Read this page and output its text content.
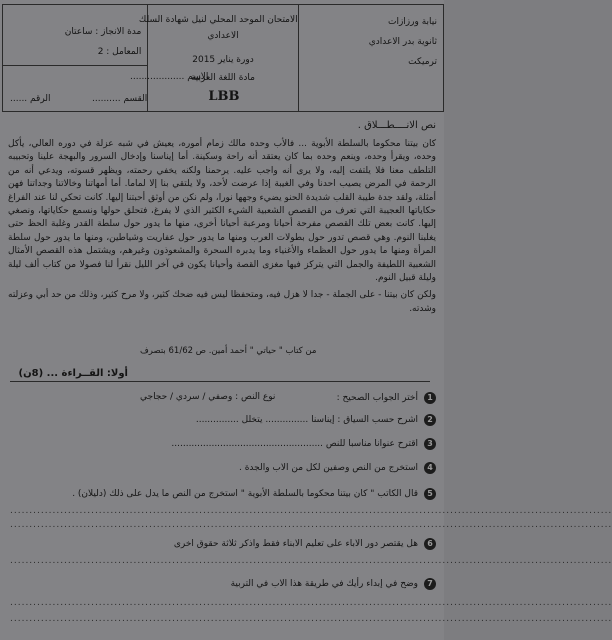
نيابة ورزازات
ثانوية بدر الاعدادي
ترميكت
الامتحان الموحد المحلي لنيل شهادة السلك
الاعدادي
دورة يناير 2015
مادة اللغة العربية
LBB
مدة الانجاز : ساعتان
المعامل : 2
الاسم ...................
القسم ..........
الرقم ......
نص الانــــطـــلاق .

كان بيتنا محكوما بالسلطة الأبوية ... فالأب وحده مالك زمام أموره، يعيش في شبه عزلة في دوره العالي، يأكل وحده، ويقرأ وحده، وينعم وحده بما كان يعتقد أنه راحة وسكينة. أما إيناسنا وإدخال السرور والبهجة علينا وتحبيبه التلطف معنا فلا يلتفت إليه، ولا يرى أنه واجب عليه. يرحمنا ولكنه يخفي رحمته، ويظهر قسوته، ويدعي أنه من الرحمة في المرض يصيب احدنا وفي الغيبة إذا عرضت لأحد، ولا يلتقي بنا إلا لماما. أما أمهاتنا وخالاتنا وجداتنا فهن أمثلة، ولقد جدة طيبة القلب شديدة الحنو يضيء وجهها نورا، ولم نكن من أوثق أحبتنا إليها. كانت تحكي لنا عند الفراغ حكاياتها العجيبة التي تعرف من القصص الشعبية الشيء الكثير الذي لا يفرغ، فتحلق حولها ونسمع حكاياتها، ونصغي إليها. كانت بعض تلك القصص مفرحة أحيانا ومرعبة أحيانا أخرى، منها ما يدور حول سلطة القدر وغلبة الحظ حتى يغلبنا النوم. وهي قصص تدور حول بطولات العرب ومنها ما يدور حول عفاريت وشياطين، ومنها ما يدور حول سلطة المرأة ومنها ما يدور حول العظماء والأغنياء وما يدبره السحرة والمشعوذون وغيرهم، ويشتمل هذه القصص الأمثال الشعبية اللطيفة والجمل التي يتركز فيها مغزى القصة وأحيانا يكون في آخر الليل نقرأ لنا فصولا من كتاب ألف ليلة وليلة قبيل النوم.

ولكن كان بيتنا - على الجملة - جدا لا هزل فيه، ومتحفظا ليس فيه ضحك كثير، ولا مرح كثير، وذلك من حد أبي وعزلته وشدته.

من كتاب " حياتي " أحمد أمين. ص 61/62 بتصرف
أولا: القــراءة ... (8ن)
1أختر الجواب الصحيح :
نوع النص : وصفي / سردي / حجاجي
2اشرح حسب السياق : إيناسنا ............... يتخلل ...............
3اقترح عنوانا مناسبا للنص .....................................................
4استخرج من النص وصفين لكل من الاب والجدة .
5قال الكاتب " كان بيتنا محكوما بالسلطة الأبوية " استخرج من النص ما يدل على ذلك (دليلان) .
............................................................................................................................................................
............................................................................................................................................................
6هل يقتصر دور الاباء على تعليم الابناء فقط واذكر ثلاثة حقوق اخرى
............................................................................................................................................................
7وضح في إبداء رأيك في طريقة هذا الاب في التربية
............................................................................................................................................................
............................................................................................................................................................
